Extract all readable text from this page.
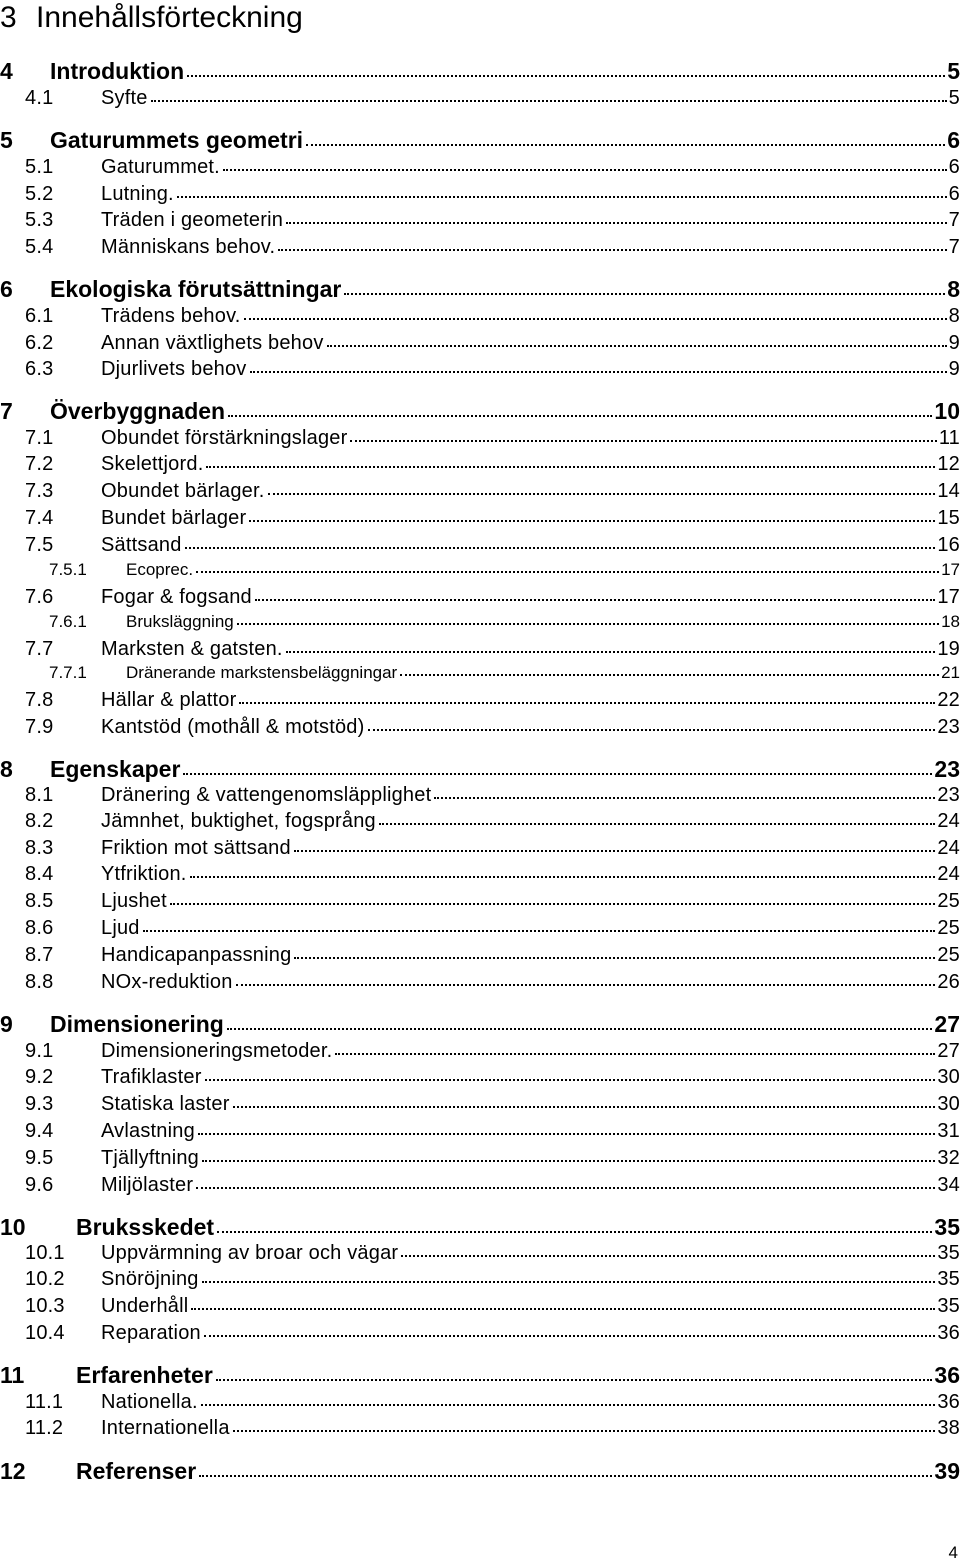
3 Innehållsförteckning
4	Introduktion	5
4.1	Syfte	5
5	Gaturummets geometri	6
5.1	Gaturummet.	6
5.2	Lutning.	6
5.3	Träden i geometerin	7
5.4	Människans behov.	7
6	Ekologiska förutsättningar	8
6.1	Trädens behov.	8
6.2	Annan växtlighets behov	9
6.3	Djurlivets behov	9
7	Överbyggnaden	10
7.1	Obundet förstärkningslager	11
7.2	Skelettjord.	12
7.3	Obundet bärlager.	14
7.4	Bundet bärlager	15
7.5	Sättsand	16
7.5.1	Ecoprec.	17
7.6	Fogar & fogsand	17
7.6.1	Bruksläggning	18
7.7	Marksten & gatsten.	19
7.7.1	Dränerande markstensbeläggningar	21
7.8	Hällar & plattor	22
7.9	Kantstöd (mothåll & motstöd)	23
8	Egenskaper	23
8.1	Dränering & vattengenomsläpplighet	23
8.2	Jämnhet, buktighet, fogsprång	24
8.3	Friktion mot sättsand	24
8.4	Ytfriktion.	24
8.5	Ljushet	25
8.6	Ljud	25
8.7	Handicapanpassning	25
8.8	NOx-reduktion	26
9	Dimensionering	27
9.1	Dimensioneringsmetoder.	27
9.2	Trafiklaster	30
9.3	Statiska laster	30
9.4	Avlastning	31
9.5	Tjällyftning	32
9.6	Miljölaster	34
10	Bruksskedet	35
10.1	Uppvärmning av broar och vägar	35
10.2	Snöröjning	35
10.3	Underhåll	35
10.4	Reparation	36
11	Erfarenheter	36
11.1	Nationella.	36
11.2	Internationella	38
12	Referenser	39
4
